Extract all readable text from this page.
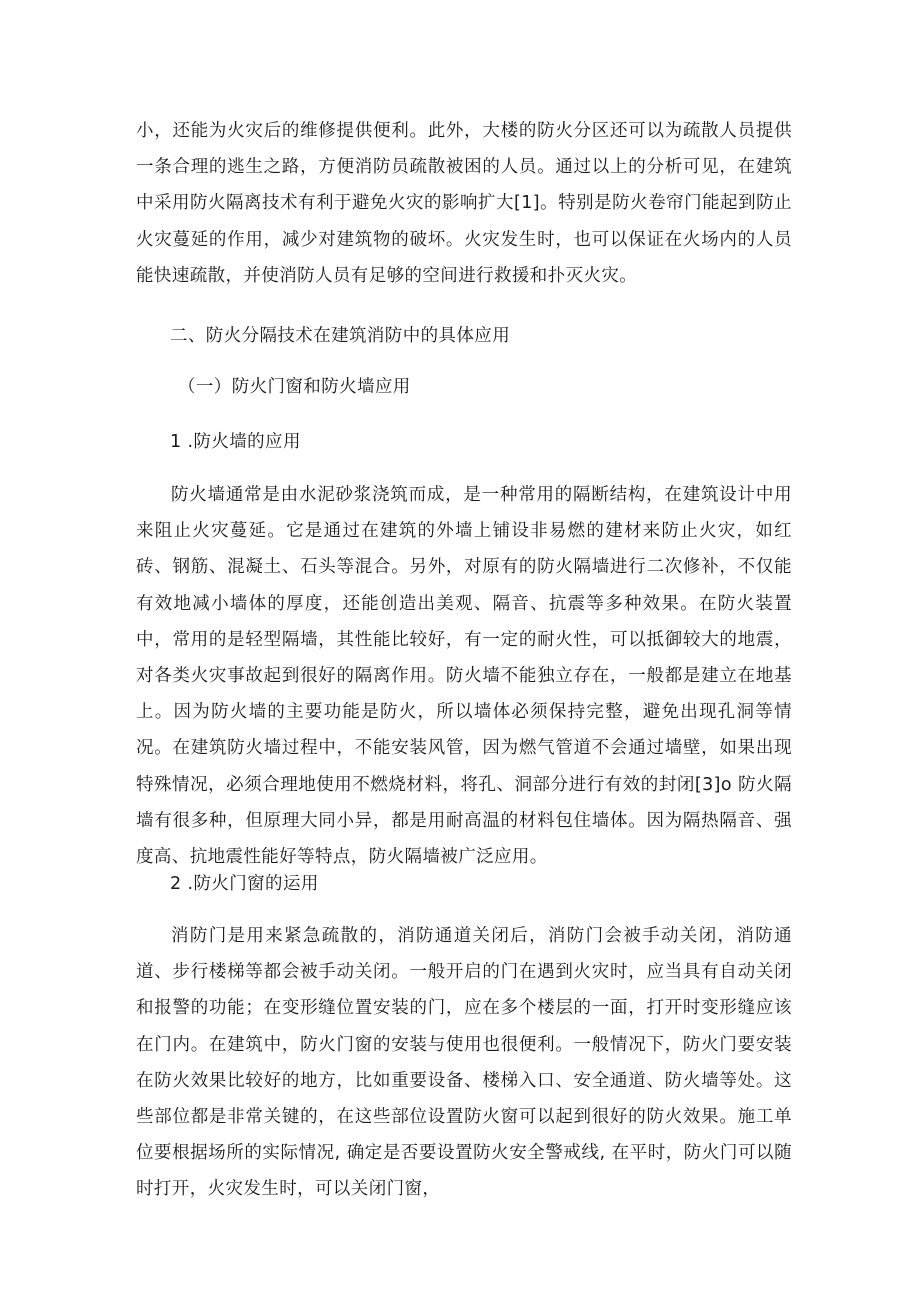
小，还能为火灾后的维修提供便利。此外，大楼的防火分区还可以为疏散人员提供一条合理的逃生之路，方便消防员疏散被困的人员。通过以上的分析可见，在建筑中采用防火隔离技术有利于避免火灾的影响扩大[1]。特别是防火卷帘门能起到防止火灾蔓延的作用，减少对建筑物的破坏。火灾发生时，也可以保证在火场内的人员能快速疏散，并使消防人员有足够的空间进行救援和扑灭火灾。

二、防火分隔技术在建筑消防中的具体应用

（一）防火门窗和防火墙应用

1 .防火墙的应用

防火墙通常是由水泥砂浆浇筑而成，是一种常用的隔断结构，在建筑设计中用来阻止火灾蔓延。它是通过在建筑的外墙上铺设非易燃的建材来防止火灾，如红砖、钢筋、混凝土、石头等混合。另外，对原有的防火隔墙进行二次修补，不仅能有效地减小墙体的厚度，还能创造出美观、隔音、抗震等多种效果。在防火装置中，常用的是轻型隔墙，其性能比较好，有一定的耐火性，可以抵御较大的地震，对各类火灾事故起到很好的隔离作用。防火墙不能独立存在，一般都是建立在地基上。因为防火墙的主要功能是防火，所以墙体必须保持完整，避免出现孔洞等情况。在建筑防火墙过程中，不能安装风管，因为燃气管道不会通过墙壁，如果出现特殊情况，必须合理地使用不燃烧材料，将孔、洞部分进行有效的封闭[3]o 防火隔墙有很多种，但原理大同小异，都是用耐高温的材料包住墙体。因为隔热隔音、强度高、抗地震性能好等特点，防火隔墙被广泛应用。

2 .防火门窗的运用

消防门是用来紧急疏散的，消防通道关闭后，消防门会被手动关闭，消防通道、步行楼梯等都会被手动关闭。一般开启的门在遇到火灾时，应当具有自动关闭和报警的功能；在变形缝位置安装的门，应在多个楼层的一面，打开时变形缝应该在门内。在建筑中，防火门窗的安装与使用也很便利。一般情况下，防火门要安装在防火效果比较好的地方，比如重要设备、楼梯入口、安全通道、防火墙等处。这些部位都是非常关键的，在这些部位设置防火窗可以起到很好的防火效果。施工单位要根据场所的实际情况, 确定是否要设置防火安全警戒线, 在平时，防火门可以随时打开，火灾发生时，可以关闭门窗，
